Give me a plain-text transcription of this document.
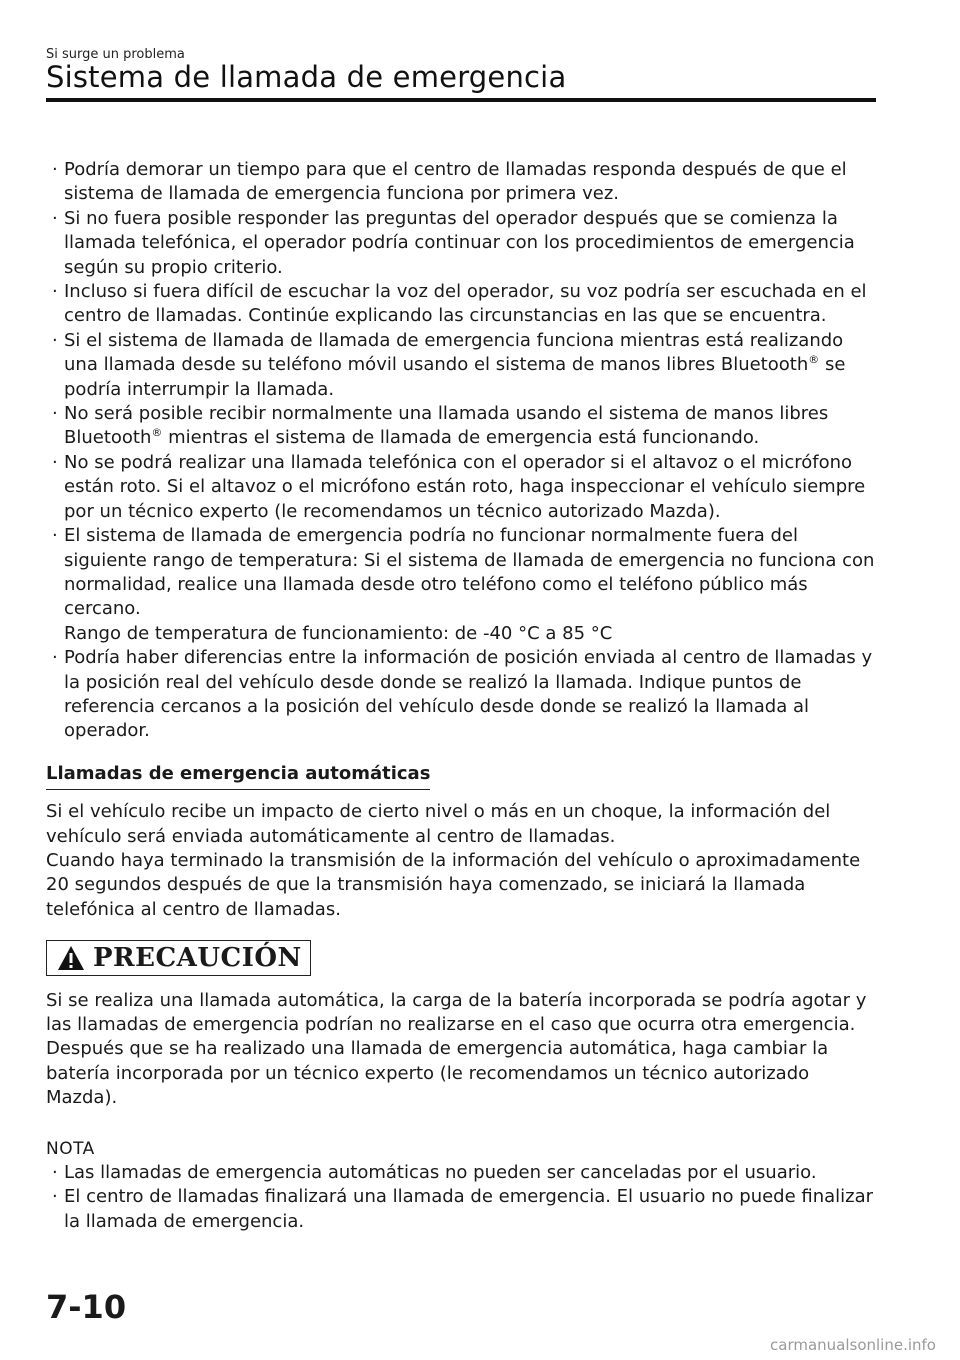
Si surge un problema
Sistema de llamada de emergencia
· Podría demorar un tiempo para que el centro de llamadas responda después de que el sistema de llamada de emergencia funciona por primera vez.
· Si no fuera posible responder las preguntas del operador después que se comienza la llamada telefónica, el operador podría continuar con los procedimientos de emergencia según su propio criterio.
· Incluso si fuera difícil de escuchar la voz del operador, su voz podría ser escuchada en el centro de llamadas. Continúe explicando las circunstancias en las que se encuentra.
· Si el sistema de llamada de llamada de emergencia funciona mientras está realizando una llamada desde su teléfono móvil usando el sistema de manos libres Bluetooth® se podría interrumpir la llamada.
· No será posible recibir normalmente una llamada usando el sistema de manos libres Bluetooth® mientras el sistema de llamada de emergencia está funcionando.
· No se podrá realizar una llamada telefónica con el operador si el altavoz o el micrófono están roto. Si el altavoz o el micrófono están roto, haga inspeccionar el vehículo siempre por un técnico experto (le recomendamos un técnico autorizado Mazda).
· El sistema de llamada de emergencia podría no funcionar normalmente fuera del siguiente rango de temperatura: Si el sistema de llamada de emergencia no funciona con normalidad, realice una llamada desde otro teléfono como el teléfono público más cercano.
Rango de temperatura de funcionamiento: de -40 °C a 85 °C
· Podría haber diferencias entre la información de posición enviada al centro de llamadas y la posición real del vehículo desde donde se realizó la llamada. Indique puntos de referencia cercanos a la posición del vehículo desde donde se realizó la llamada al operador.
Llamadas de emergencia automáticas

Si el vehículo recibe un impacto de cierto nivel o más en un choque, la información del vehículo será enviada automáticamente al centro de llamadas.

Cuando haya terminado la transmisión de la información del vehículo o aproximadamente 20 segundos después de que la transmisión haya comenzado, se iniciará la llamada telefónica al centro de llamadas.

PRECAUCIÓN

Si se realiza una llamada automática, la carga de la batería incorporada se podría agotar y las llamadas de emergencia podrían no realizarse en el caso que ocurra otra emergencia. Después que se ha realizado una llamada de emergencia automática, haga cambiar la batería incorporada por un técnico experto (le recomendamos un técnico autorizado Mazda).

NOTA
· Las llamadas de emergencia automáticas no pueden ser canceladas por el usuario.
· El centro de llamadas finalizará una llamada de emergencia. El usuario no puede finalizar la llamada de emergencia.
7-10
carmanualsonline.info
